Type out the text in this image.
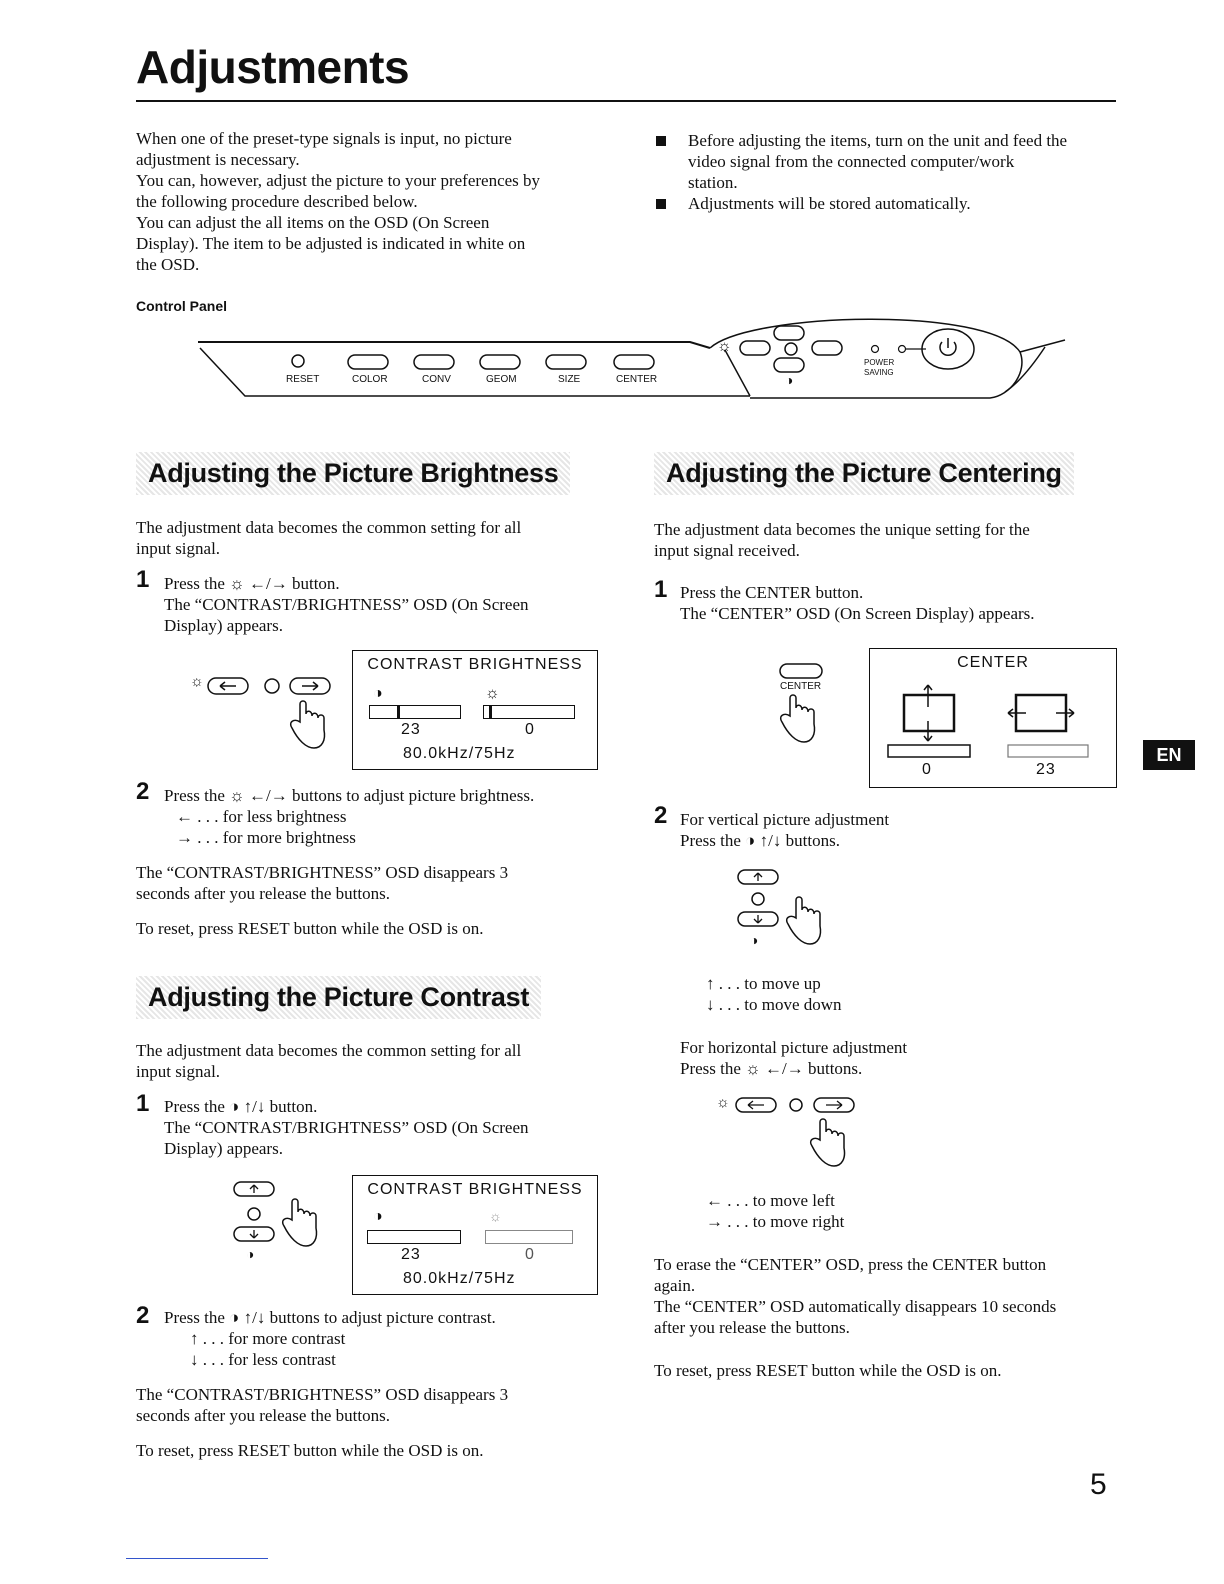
Adjustments
When one of the preset-type signals is input, no picture
adjustment is necessary.
You can, however, adjust the picture to your preferences by
the following procedure described below.
You can adjust the all items on the OSD (On Screen
Display). The item to be adjusted is indicated in white on
the OSD.
Before adjusting the items, turn on the unit and feed the
video signal from the connected computer/work
station.
Adjustments will be stored automatically.
Control Panel
RESET	COLOR	CONV	GEOM	SIZE	CENTER
☼
◑
POWER
SAVING
Adjusting the Picture Brightness
The adjustment data becomes the common setting for all
input signal.
1 Press the ☼ ←/→ button.
The “CONTRAST/BRIGHTNESS” OSD (On Screen
Display) appears.
☼
CONTRAST BRIGHTNESS
◑	☼
23	0
80.0kHz/75Hz
2 Press the ☼ ←/→ buttons to adjust picture brightness.
← . . . for less brightness
→ . . . for more brightness
The “CONTRAST/BRIGHTNESS” OSD disappears 3
seconds after you release the buttons.
To reset, press RESET button while the OSD is on.
Adjusting the Picture Contrast
The adjustment data becomes the common setting for all
input signal.
1 Press the ◑ ↑/↓ button.
The “CONTRAST/BRIGHTNESS” OSD (On Screen
Display) appears.
◑
CONTRAST BRIGHTNESS
◑	☼
23	0
80.0kHz/75Hz
2 Press the ◑ ↑/↓ buttons to adjust picture contrast.
↑ . . . for more contrast
↓ . . . for less contrast
The “CONTRAST/BRIGHTNESS” OSD disappears 3
seconds after you release the buttons.
To reset, press RESET button while the OSD is on.
Adjusting the Picture Centering
The adjustment data becomes the unique setting for the
input signal received.
1 Press the CENTER button.
The “CENTER” OSD (On Screen Display) appears.
CENTER
CENTER
0	23
2 For vertical picture adjustment
Press the ◑ ↑/↓ buttons.
◑
↑ . . . to move up
↓ . . . to move down
For horizontal picture adjustment
Press the ☼ ←/→ buttons.
☼
← . . . to move left
→ . . . to move right
To erase the “CENTER” OSD, press the CENTER button
again.
The “CENTER” OSD automatically disappears 10 seconds
after you release the buttons.
To reset, press RESET button while the OSD is on.
EN
5
